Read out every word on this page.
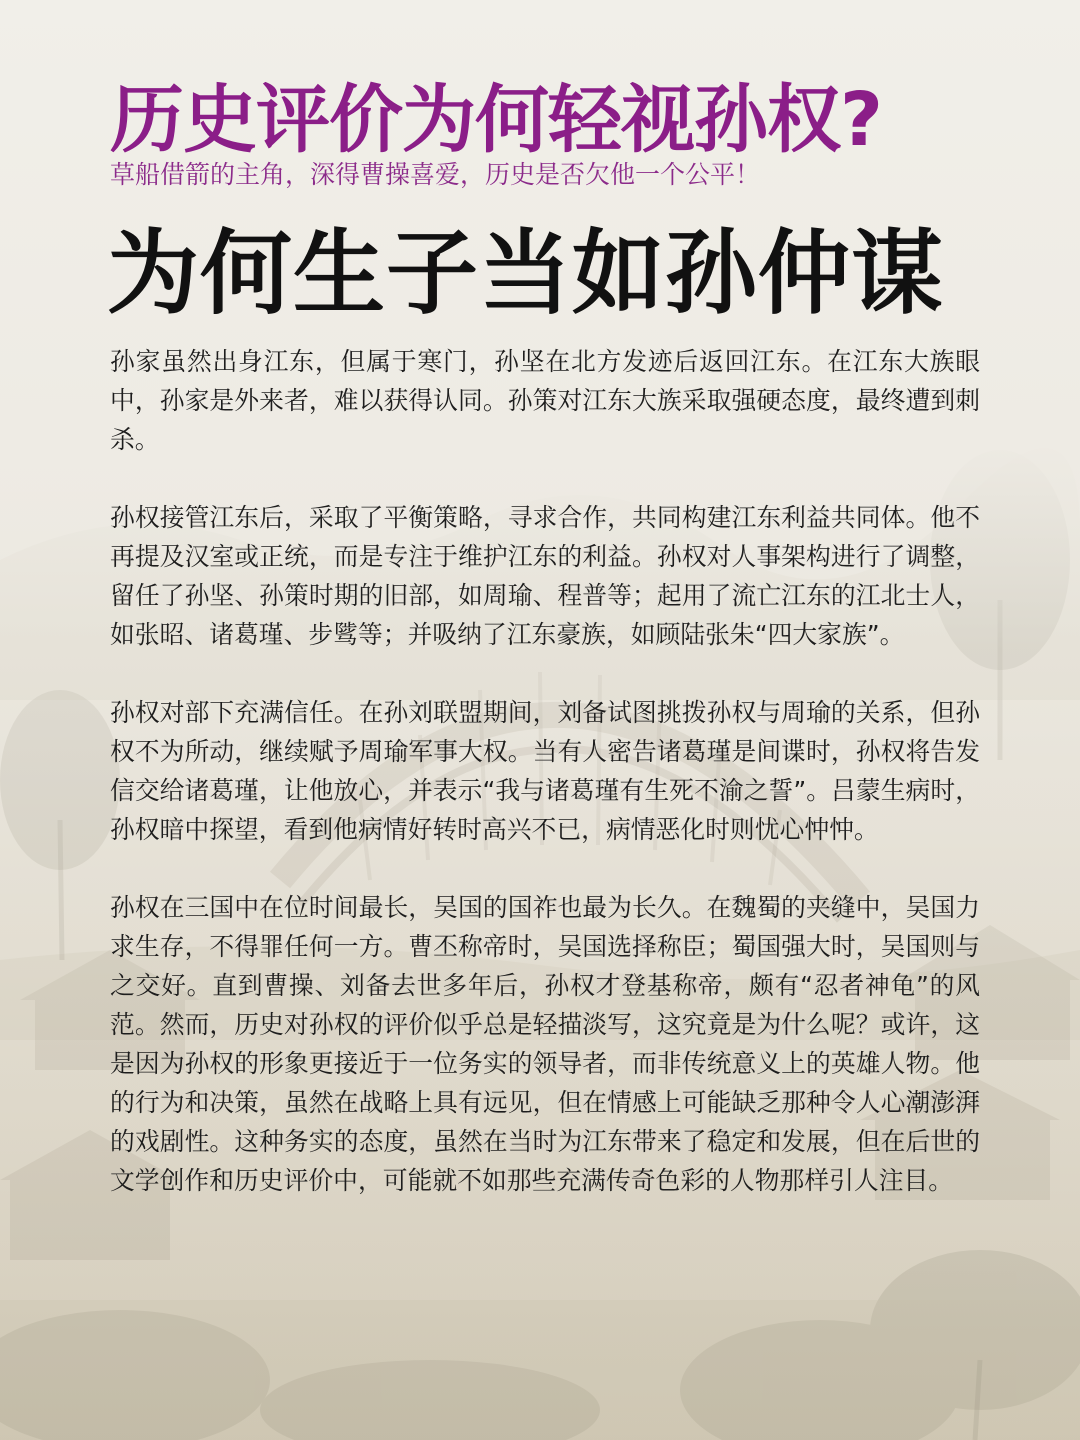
历史评价为何轻视孙权?

草船借箭的主角，深得曹操喜爱，历史是否欠他一个公平！

为何生子当如孙仲谋

孙家虽然出身江东，但属于寒门，孙坚在北方发迹后返回江东。在江东大族眼中，孙家是外来者，难以获得认同。孙策对江东大族采取强硬态度，最终遭到刺杀。

孙权接管江东后，采取了平衡策略，寻求合作，共同构建江东利益共同体。他不再提及汉室或正统，而是专注于维护江东的利益。孙权对人事架构进行了调整，留任了孙坚、孙策时期的旧部，如周瑜、程普等；起用了流亡江东的江北士人，如张昭、诸葛瑾、步骘等；并吸纳了江东豪族，如顾陆张朱“四大家族”。

孙权对部下充满信任。在孙刘联盟期间，刘备试图挑拨孙权与周瑜的关系，但孙权不为所动，继续赋予周瑜军事大权。当有人密告诸葛瑾是间谍时，孙权将告发信交给诸葛瑾，让他放心，并表示“我与诸葛瑾有生死不渝之誓”。吕蒙生病时，孙权暗中探望，看到他病情好转时高兴不已，病情恶化时则忧心忡忡。

孙权在三国中在位时间最长，吴国的国祚也最为长久。在魏蜀的夹缝中，吴国力求生存，不得罪任何一方。曹丕称帝时，吴国选择称臣；蜀国强大时，吴国则与之交好。直到曹操、刘备去世多年后，孙权才登基称帝，颇有“忍者神龟”的风范。然而，历史对孙权的评价似乎总是轻描淡写，这究竟是为什么呢？或许，这是因为孙权的形象更接近于一位务实的领导者，而非传统意义上的英雄人物。他的行为和决策，虽然在战略上具有远见，但在情感上可能缺乏那种令人心潮澎湃的戏剧性。这种务实的态度，虽然在当时为江东带来了稳定和发展，但在后世的文学创作和历史评价中，可能就不如那些充满传奇色彩的人物那样引人注目。
